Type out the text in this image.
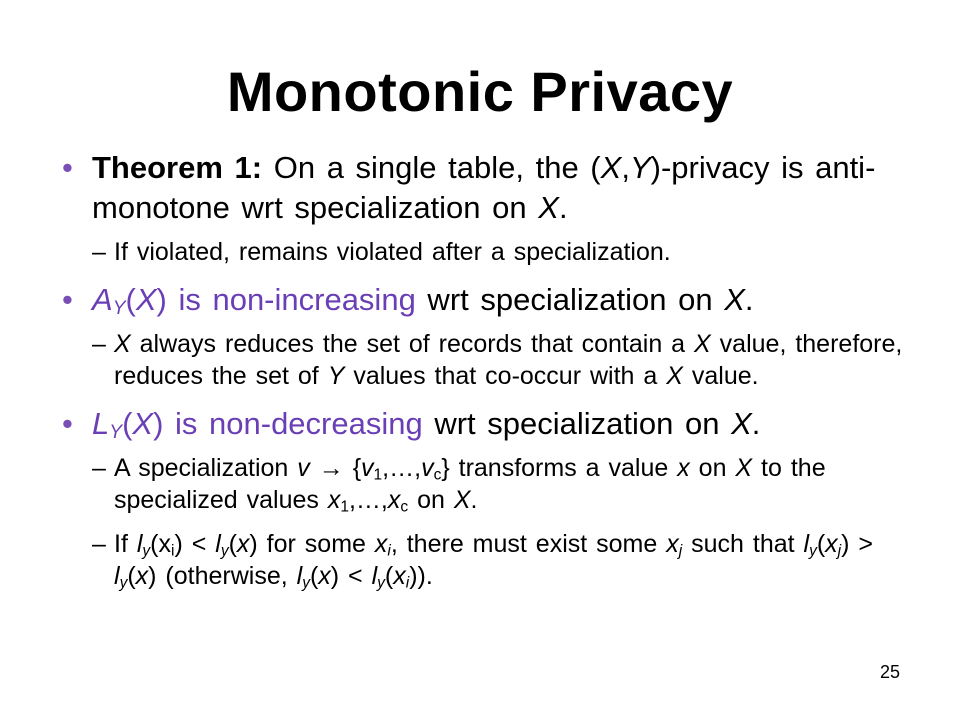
Monotonic Privacy
• Theorem 1: On a single table, the (X,Y)-privacy is anti-monotone wrt specialization on X.
– If violated, remains violated after a specialization.
• $A_Y(X)$ is non-increasing wrt specialization on X.
– X always reduces the set of records that contain a X value, therefore, reduces the set of Y values that co-occur with a X value.
• $L_Y(X)$ is non-decreasing wrt specialization on X.
– A specialization $v \to \{v_1,\dots,v_c\}$ transforms a value x on X to the specialized values $x_1,\dots,x_c$ on X.
– If $l_y(x_i) < l_y(x)$ for some $x_i$, there must exist some $x_j$ such that $l_y(x_j) > l_y(x)$ (otherwise, $l_y(x) < l_y(x_i)$).
25
